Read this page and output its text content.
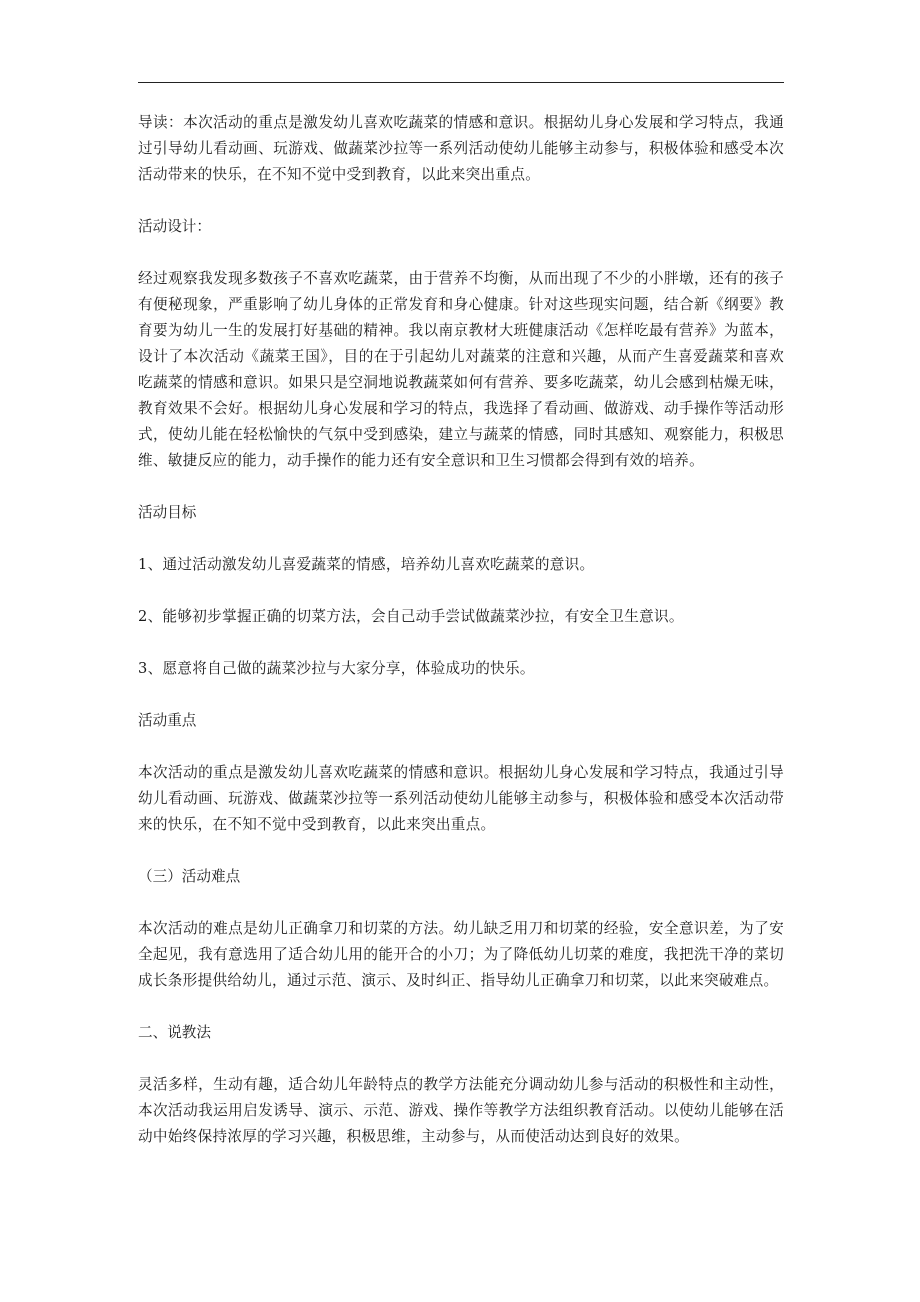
导读：本次活动的重点是激发幼儿喜欢吃蔬菜的情感和意识。根据幼儿身心发展和学习特点，我通过引导幼儿看动画、玩游戏、做蔬菜沙拉等一系列活动使幼儿能够主动参与，积极体验和感受本次活动带来的快乐，在不知不觉中受到教育，以此来突出重点。

活动设计：

经过观察我发现多数孩子不喜欢吃蔬菜，由于营养不均衡，从而出现了不少的小胖墩，还有的孩子有便秘现象，严重影响了幼儿身体的正常发育和身心健康。针对这些现实问题，结合新《纲要》教育要为幼儿一生的发展打好基础的精神。我以南京教材大班健康活动《怎样吃最有营养》为蓝本，设计了本次活动《蔬菜王国》，目的在于引起幼儿对蔬菜的注意和兴趣，从而产生喜爱蔬菜和喜欢吃蔬菜的情感和意识。如果只是空洞地说教蔬菜如何有营养、要多吃蔬菜，幼儿会感到枯燥无味，教育效果不会好。根据幼儿身心发展和学习的特点，我选择了看动画、做游戏、动手操作等活动形式，使幼儿能在轻松愉快的气氛中受到感染，建立与蔬菜的情感，同时其感知、观察能力，积极思维、敏捷反应的能力，动手操作的能力还有安全意识和卫生习惯都会得到有效的培养。

活动目标

1、通过活动激发幼儿喜爱蔬菜的情感，培养幼儿喜欢吃蔬菜的意识。

2、能够初步掌握正确的切菜方法，会自己动手尝试做蔬菜沙拉，有安全卫生意识。

3、愿意将自己做的蔬菜沙拉与大家分享，体验成功的快乐。

活动重点

本次活动的重点是激发幼儿喜欢吃蔬菜的情感和意识。根据幼儿身心发展和学习特点，我通过引导幼儿看动画、玩游戏、做蔬菜沙拉等一系列活动使幼儿能够主动参与，积极体验和感受本次活动带来的快乐，在不知不觉中受到教育，以此来突出重点。

（三）活动难点

本次活动的难点是幼儿正确拿刀和切菜的方法。幼儿缺乏用刀和切菜的经验，安全意识差，为了安全起见，我有意选用了适合幼儿用的能开合的小刀；为了降低幼儿切菜的难度，我把洗干净的菜切成长条形提供给幼儿，通过示范、演示、及时纠正、指导幼儿正确拿刀和切菜，以此来突破难点。

二、说教法

灵活多样，生动有趣，适合幼儿年龄特点的教学方法能充分调动幼儿参与活动的积极性和主动性，本次活动我运用启发诱导、演示、示范、游戏、操作等教学方法组织教育活动。以使幼儿能够在活动中始终保持浓厚的学习兴趣，积极思维，主动参与，从而使活动达到良好的效果。
